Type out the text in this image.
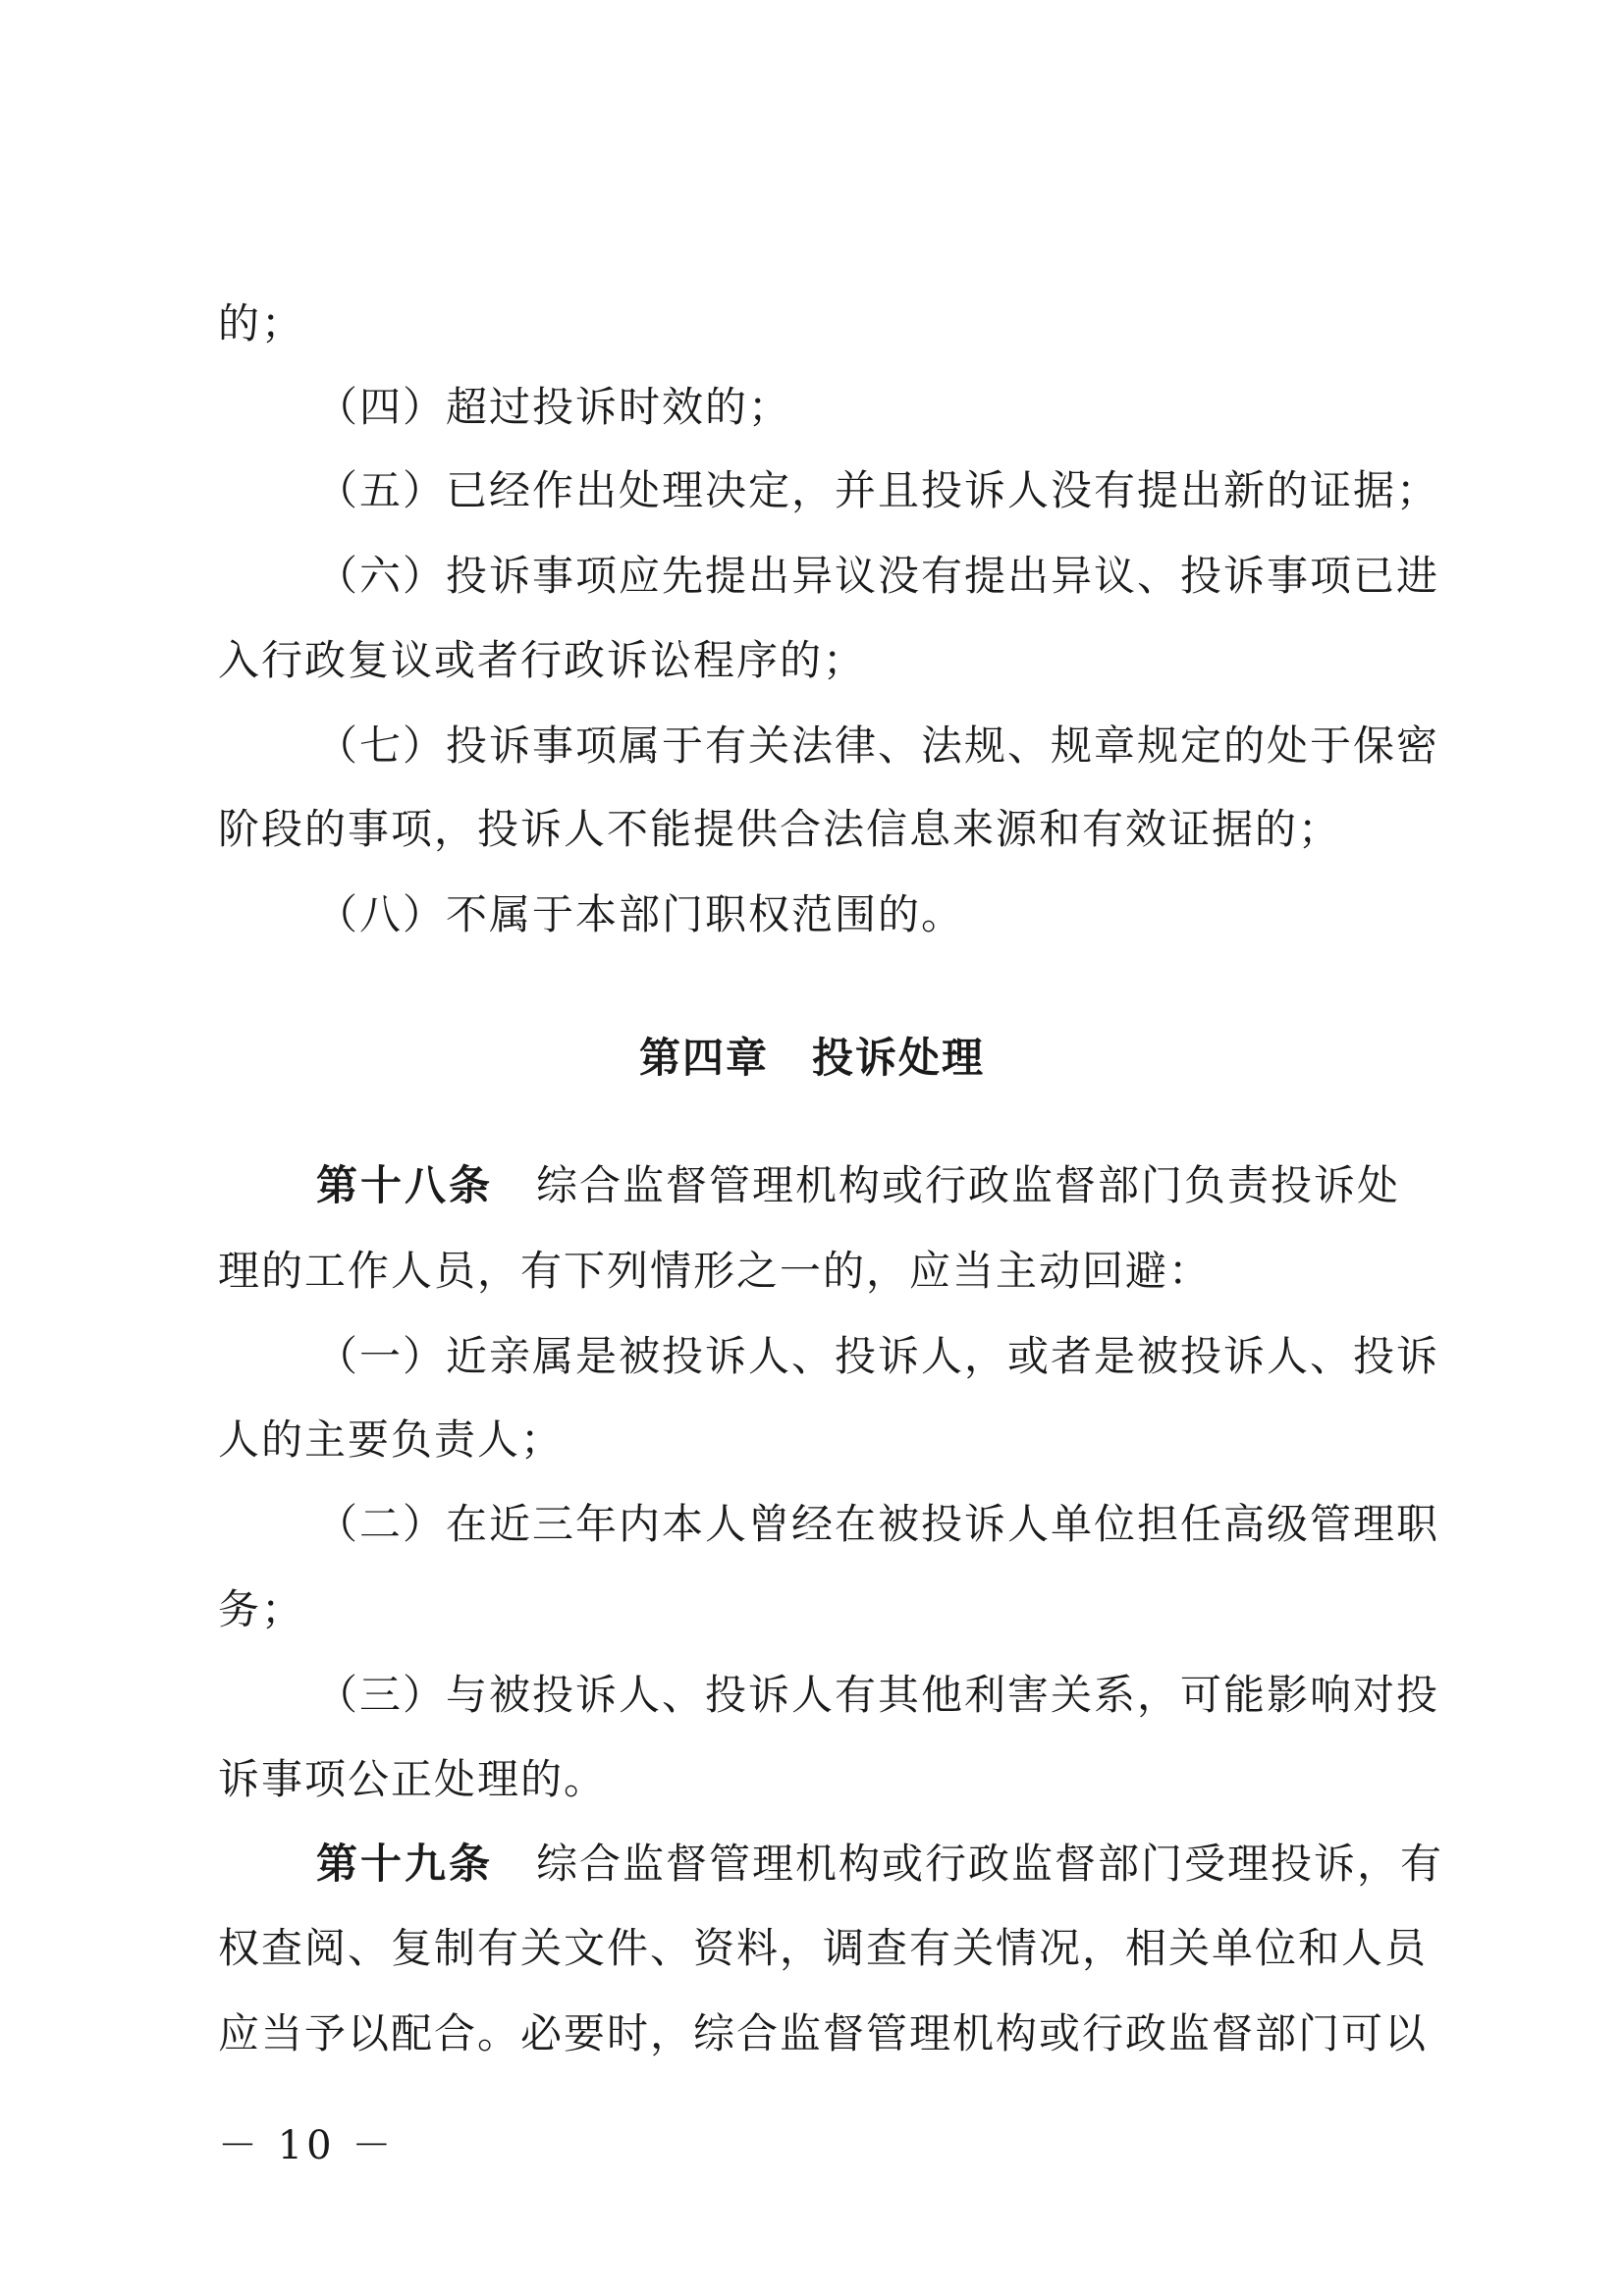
的；

（四）超过投诉时效的；

（五）已经作出处理决定，并且投诉人没有提出新的证据；

（六）投诉事项应先提出异议没有提出异议、投诉事项已进

入行政复议或者行政诉讼程序的；

（七）投诉事项属于有关法律、法规、规章规定的处于保密

阶段的事项，投诉人不能提供合法信息来源和有效证据的；

（八）不属于本部门职权范围的。

第四章　投诉处理

第十八条　 综合监督管理机构或行政监督部门负责投诉处

理的工作人员，有下列情形之一的，应当主动回避：

（一）近亲属是被投诉人、投诉人，或者是被投诉人、投诉

人的主要负责人；

（二）在近三年内本人曾经在被投诉人单位担任高级管理职

务；

（三）与被投诉人、投诉人有其他利害关系，可能影响对投

诉事项公正处理的。

第十九条　 综合监督管理机构或行政监督部门受理投诉，有

权查阅、复制有关文件、资料，调查有关情况，相关单位和人员

应当予以配合。必要时，综合监督管理机构或行政监督部门可以

－ 10 －
